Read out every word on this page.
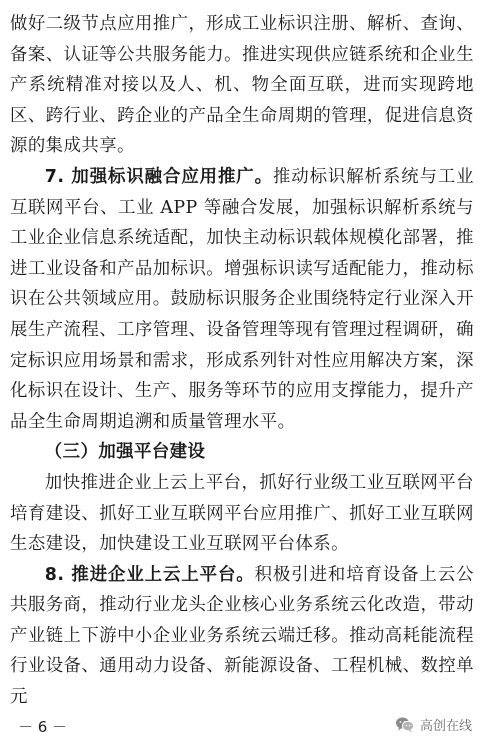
做好二级节点应用推广，形成工业标识注册、解析、查询、备案、认证等公共服务能力。推进实现供应链系统和企业生产系统精准对接以及人、机、物全面互联，进而实现跨地区、跨行业、跨企业的产品全生命周期的管理，促进信息资源的集成共享。

7. 加强标识融合应用推广。推动标识解析系统与工业互联网平台、工业 APP 等融合发展，加强标识解析系统与工业企业信息系统适配，加快主动标识载体规模化部署，推进工业设备和产品加标识。增强标识读写适配能力，推动标识在公共领域应用。鼓励标识服务企业围绕特定行业深入开展生产流程、工序管理、设备管理等现有管理过程调研，确定标识应用场景和需求，形成系列针对性应用解决方案，深化标识在设计、生产、服务等环节的应用支撑能力，提升产品全生命周期追溯和质量管理水平。

（三）加强平台建设

加快推进企业上云上平台，抓好行业级工业互联网平台培育建设、抓好工业互联网平台应用推广、抓好工业互联网生态建设，加快建设工业互联网平台体系。

8. 推进企业上云上平台。积极引进和培育设备上云公共服务商，推动行业龙头企业核心业务系统云化改造，带动产业链上下游中小企业业务系统云端迁移。推动高耗能流程行业设备、通用动力设备、新能源设备、工程机械、数控单元

－ 6 －	高创在线
